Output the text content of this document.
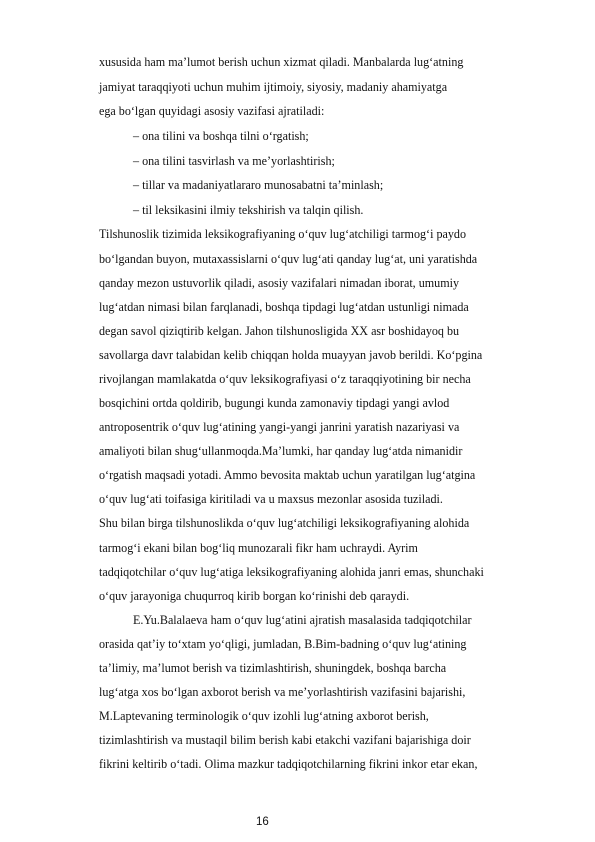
xususida ham ma’lumot berish uchun xizmat qiladi. Manbalarda lug‘atning
jamiyat taraqqiyoti uchun muhim ijtimoiy, siyosiy, madaniy ahamiyatga
ega bo‘lgan quyidagi asosiy vazifasi ajratiladi:
– ona tilini va boshqa tilni o‘rgatish;
– ona tilini tasvirlash va me’yorlashtirish;
– tillar va madaniyatlararo munosabatni ta’minlash;
– til leksikasini ilmiy tekshirish va talqin qilish.
Tilshunoslik tizimida leksikografiyaning o‘quv lug‘atchiligi tarmog‘i paydo
bo‘lgandan buyon, mutaxassislarni o‘quv lug‘ati qanday lug‘at, uni yaratishda
qanday mezon ustuvorlik qiladi, asosiy vazifalari nimadan iborat, umumiy
lug‘atdan nimasi bilan farqlanadi, boshqa tipdagi lug‘atdan ustunligi nimada
degan savol qiziqtirib kelgan. Jahon tilshunosligida XX asr boshidayoq bu
savollarga davr talabidan kelib chiqqan holda muayyan javob berildi. Ko‘pgina
rivojlangan mamlakatda o‘quv leksikografiyasi o‘z taraqqiyotining bir necha
bosqichini ortda qoldirib, bugungi kunda zamonaviy tipdagi yangi avlod
antroposentrik o‘quv lug‘atining yangi-yangi janrini yaratish nazariyasi va
amaliyoti bilan shug‘ullanmoqda.Ma’lumki, har qanday lug‘atda nimanidir
o‘rgatish maqsadi yotadi. Ammo bevosita maktab uchun yaratilgan lug‘atgina
o‘quv lug‘ati toifasiga kiritiladi va u maxsus mezonlar asosida tuziladi.
Shu bilan birga tilshunoslikda o‘quv lug‘atchiligi leksikografiyaning alohida
tarmog‘i ekani bilan bog‘liq munozarali fikr ham uchraydi. Ayrim
tadqiqotchilar o‘quv lug‘atiga leksikografiyaning alohida janri emas, shunchaki
o‘quv jarayoniga chuqurroq kirib borgan ko‘rinishi deb qaraydi.
E.Yu.Balalaeva ham o‘quv lug‘atini ajratish masalasida tadqiqotchilar
orasida qat’iy to‘xtam yo‘qligi, jumladan, B.Bim-badning o‘quv lug‘atining
ta’limiy, ma’lumot berish va tizimlashtirish, shuningdek, boshqa barcha
lug‘atga xos bo‘lgan axborot berish va me’yorlashtirish vazifasini bajarishi,
M.Laptevaning terminologik o‘quv izohli lug‘atning axborot berish,
tizimlashtirish va mustaqil bilim berish kabi etakchi vazifani bajarishiga doir
fikrini keltirib o‘tadi. Olima mazkur tadqiqotchilarning fikrini inkor etar ekan,
16
